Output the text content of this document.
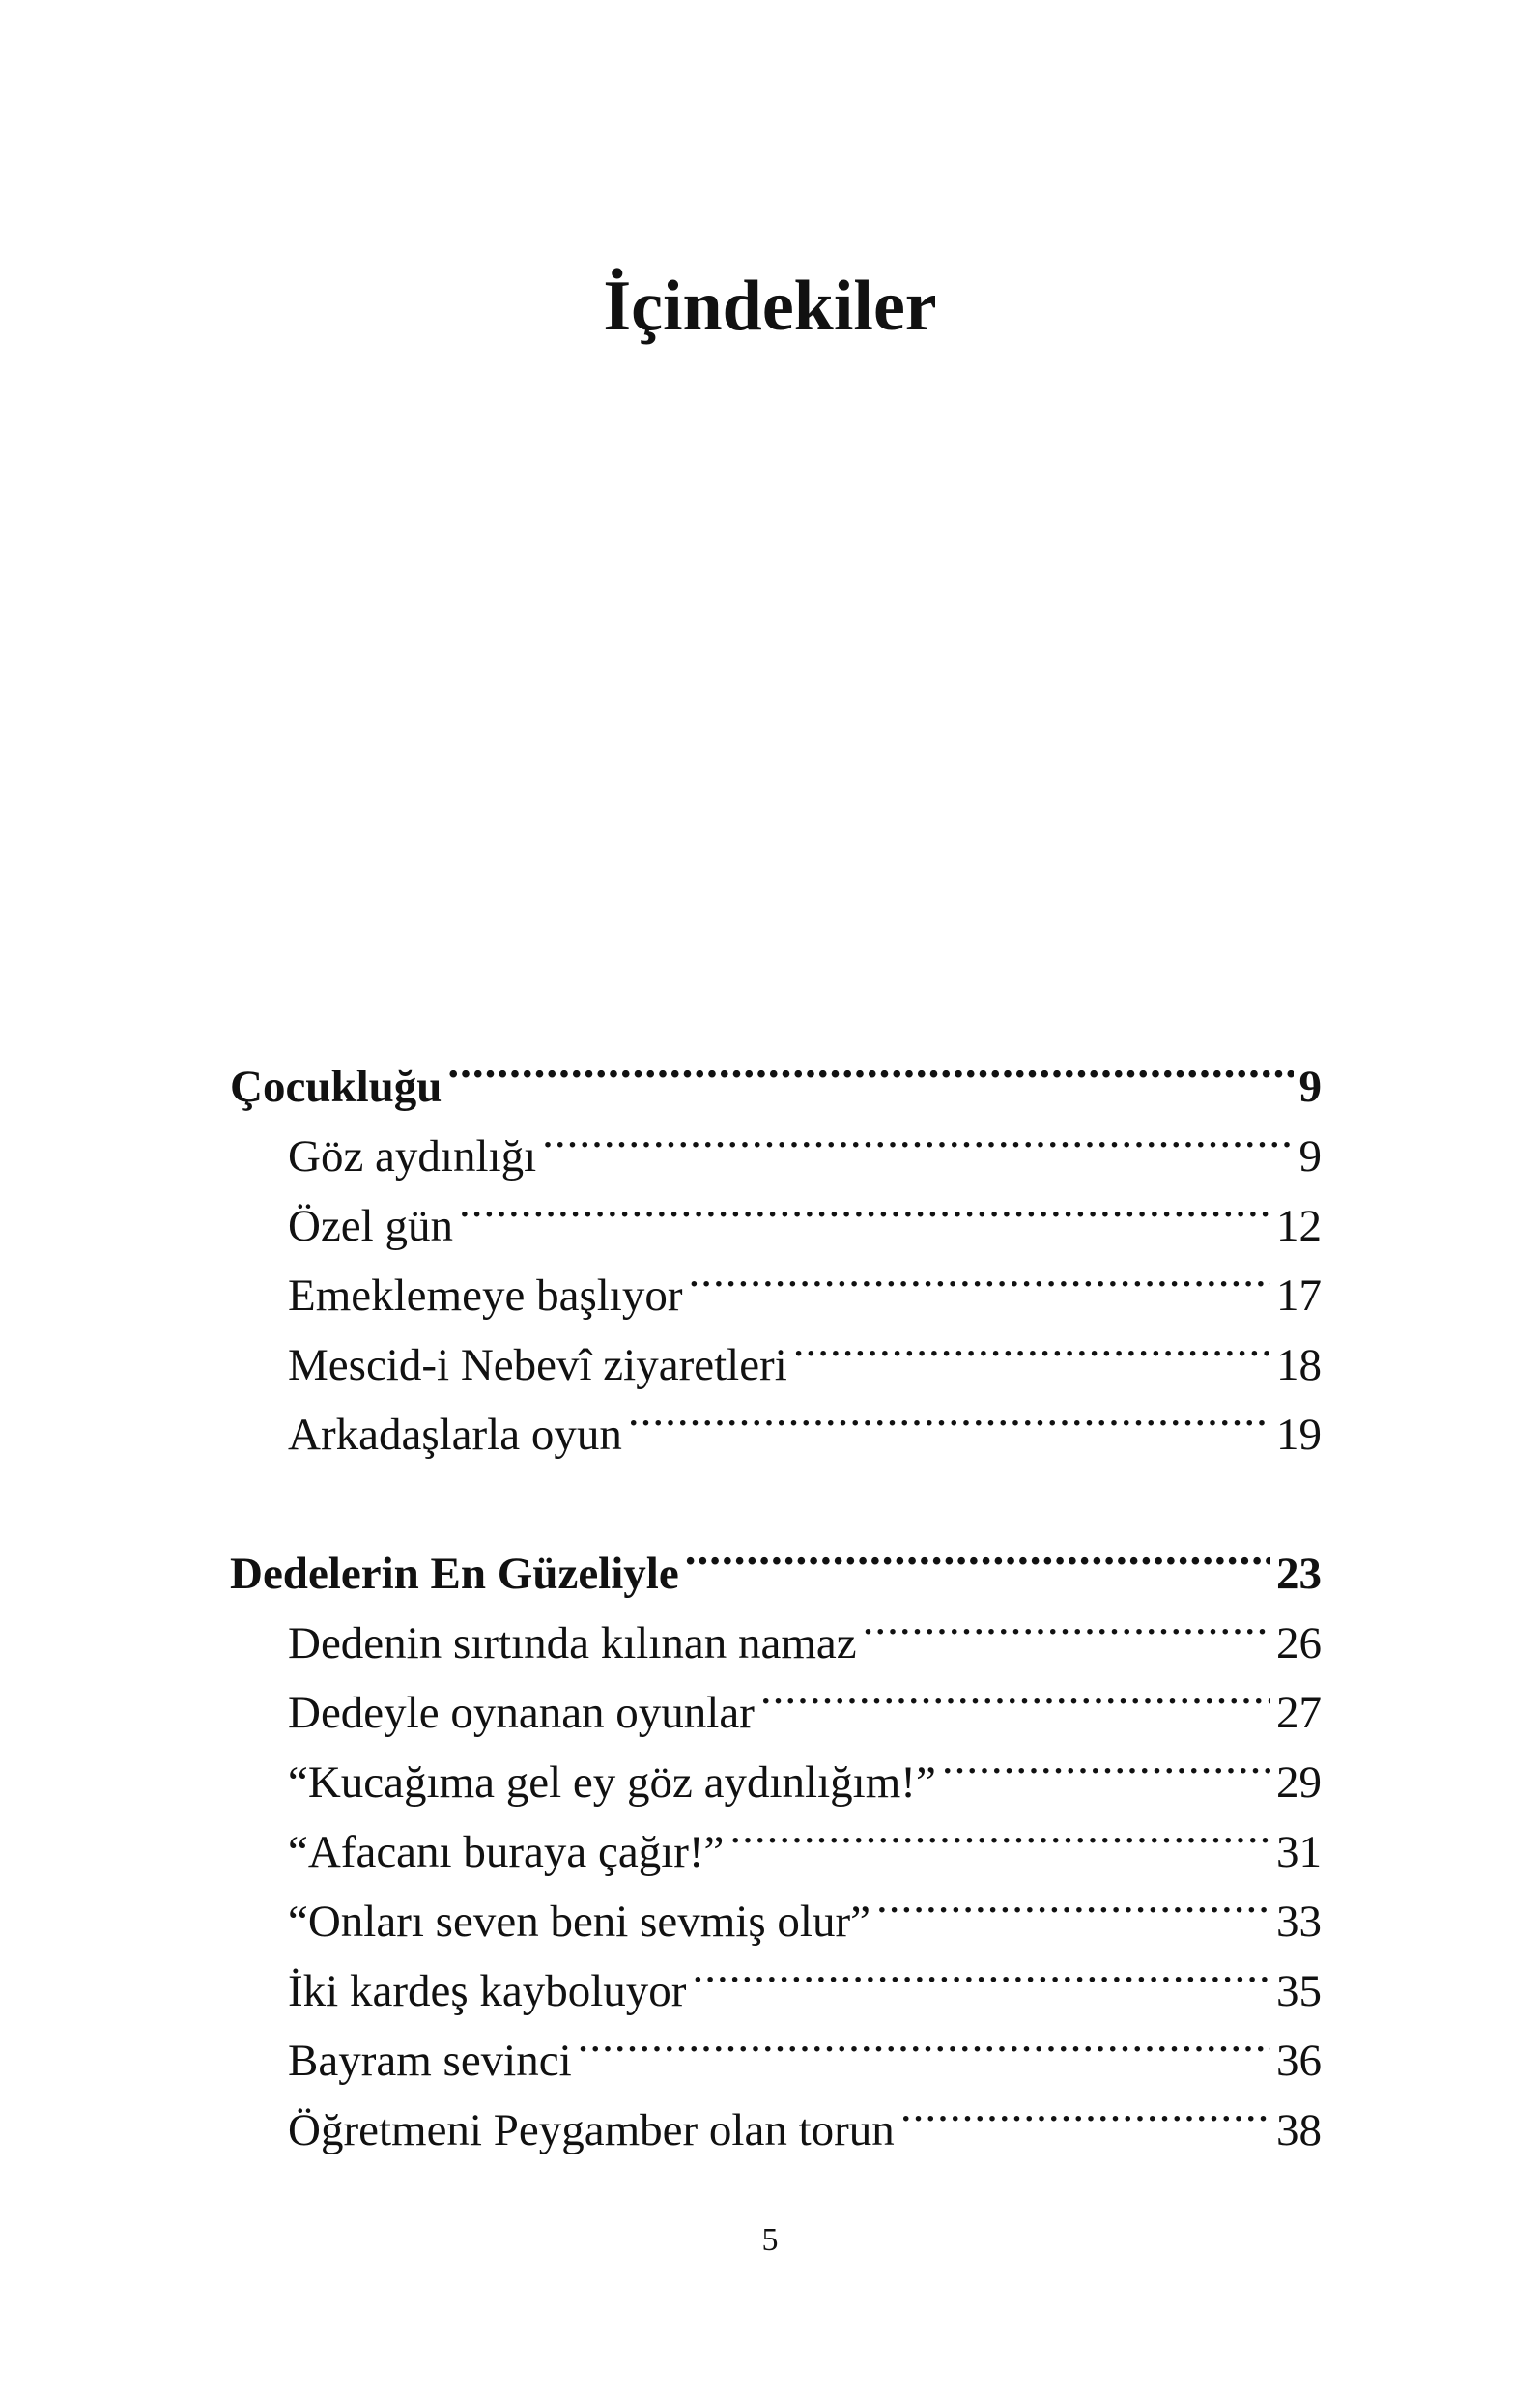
İçindekiler
Çocukluğu .....	9
Göz aydınlığı .....	9
Özel gün .....	12
Emeklemeye başlıyor .....	17
Mescid-i Nebevî ziyaretleri .....	18
Arkadaşlarla oyun .....	19
Dedelerin En Güzeliyle .....	23
Dedenin sırtında kılınan namaz .....	26
Dedeyle oynanan oyunlar .....	27
“Kucağıma gel ey göz aydınlığım!” .....	29
“Afacanı buraya çağır!” .....	31
“Onları seven beni sevmiş olur” .....	33
İki kardeş kayboluyor .....	35
Bayram sevinci .....	36
Öğretmeni Peygamber olan torun .....	38
5
